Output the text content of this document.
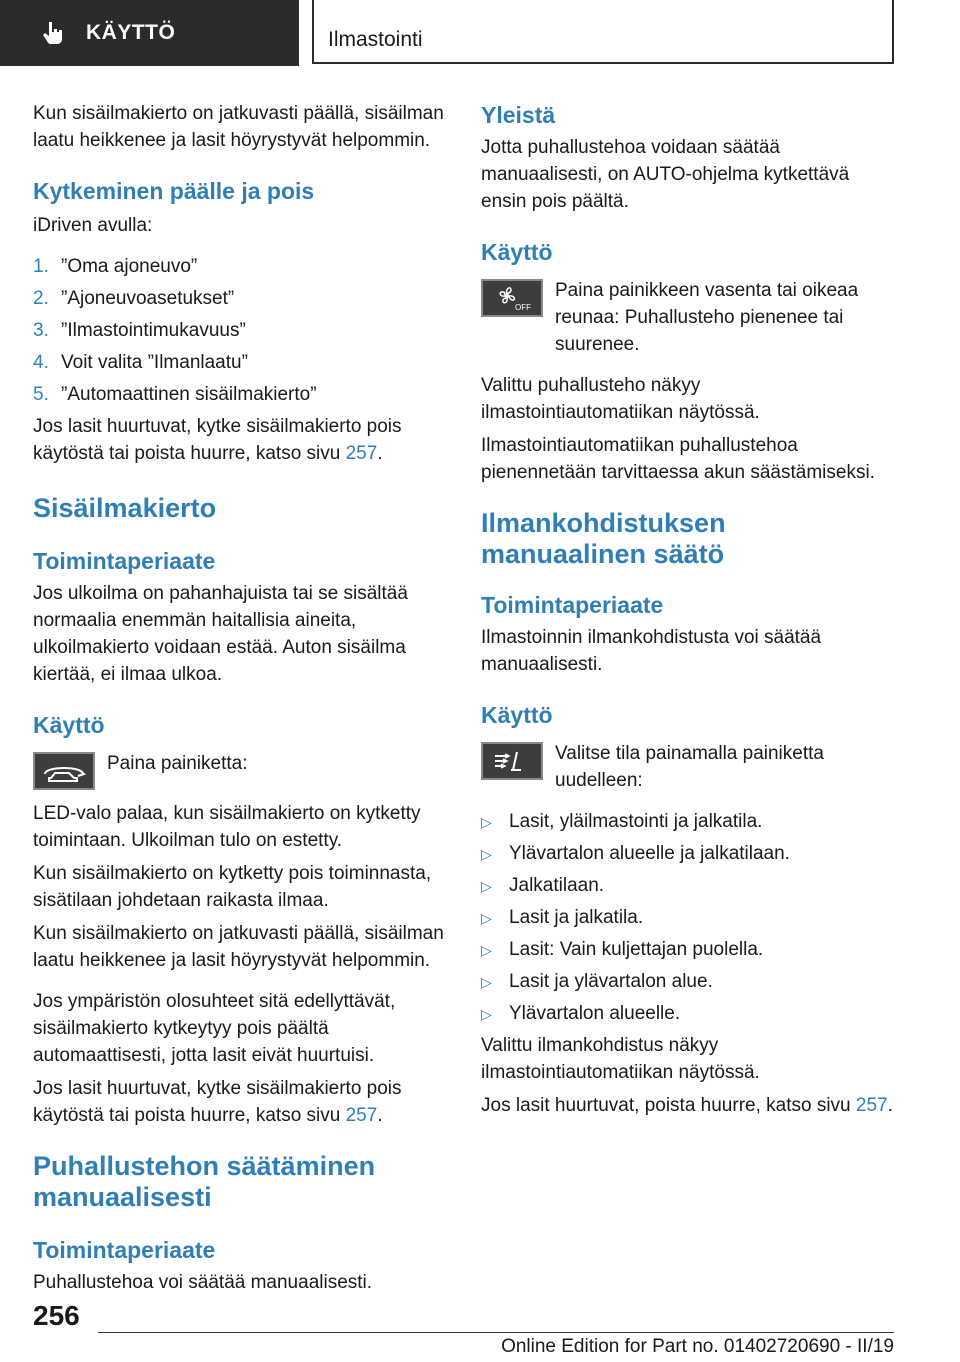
KÄYTTÖ	Ilmastointi

Kun sisäilmakierto on jatkuvasti päällä, sisäilman laatu heikkenee ja lasit höyrystyvät helpommin.

Kytkeminen päälle ja pois

iDriven avulla:

1. ”Oma ajoneuvo”
2. ”Ajoneuvoasetukset”
3. ”Ilmastointimukavuus”
4. Voit valita ”Ilmanlaatu”
5. ”Automaattinen sisäilmakierto”

Jos lasit huurtuvat, kytke sisäilmakierto pois käytöstä tai poista huurre, katso sivu 257.

Sisäilmakierto
Toimintaperiaate

Jos ulkoilma on pahanhajuista tai se sisältää normaalia enemmän haitallisia aineita, ulkoilmakierto voidaan estää. Auton sisäilma kiertää, ei ilmaa ulkoa.

Käyttö

Paina painiketta:

LED-valo palaa, kun sisäilmakierto on kytketty toimintaan. Ulkoilman tulo on estetty.

Kun sisäilmakierto on kytketty pois toiminnasta, sisätilaan johdetaan raikasta ilmaa.

Kun sisäilmakierto on jatkuvasti päällä, sisäilman laatu heikkenee ja lasit höyrystyvät helpommin.

Jos ympäristön olosuhteet sitä edellyttävät, sisäilmakierto kytkeytyy pois päältä automaattisesti, jotta lasit eivät huurtuisi.

Jos lasit huurtuvat, kytke sisäilmakierto pois käytöstä tai poista huurre, katso sivu 257.

Puhallustehon säätäminen manuaalisesti
Toimintaperiaate

Puhallustehoa voi säätää manuaalisesti.

Yleistä

Jotta puhallustehoa voidaan säätää manuaalisesti, on AUTO-ohjelma kytkettävä ensin pois päältä.

Käyttö
OFF

Paina painikkeen vasenta tai oikeaa reunaa: Puhallusteho pienenee tai suurenee.

Valittu puhallusteho näkyy ilmastointiautomatiikan näytössä.

Ilmastointiautomatiikan puhallustehoa pienennetään tarvittaessa akun säästämiseksi.

Ilmankohdistuksen manuaalinen säätö
Toimintaperiaate

Ilmastoinnin ilmankohdistusta voi säätää manuaalisesti.

Käyttö

Valitse tila painamalla painiketta uudelleen:

▷ Lasit, yläilmastointi ja jalkatila.
▷ Ylävartalon alueelle ja jalkatilaan.
▷ Jalkatilaan.
▷ Lasit ja jalkatila.
▷ Lasit: Vain kuljettajan puolella.
▷ Lasit ja ylävartalon alue.
▷ Ylävartalon alueelle.

Valittu ilmankohdistus näkyy ilmastointiautomatiikan näytössä.

Jos lasit huurtuvat, poista huurre, katso sivu 257.

256
Online Edition for Part no. 01402720690 - II/19
